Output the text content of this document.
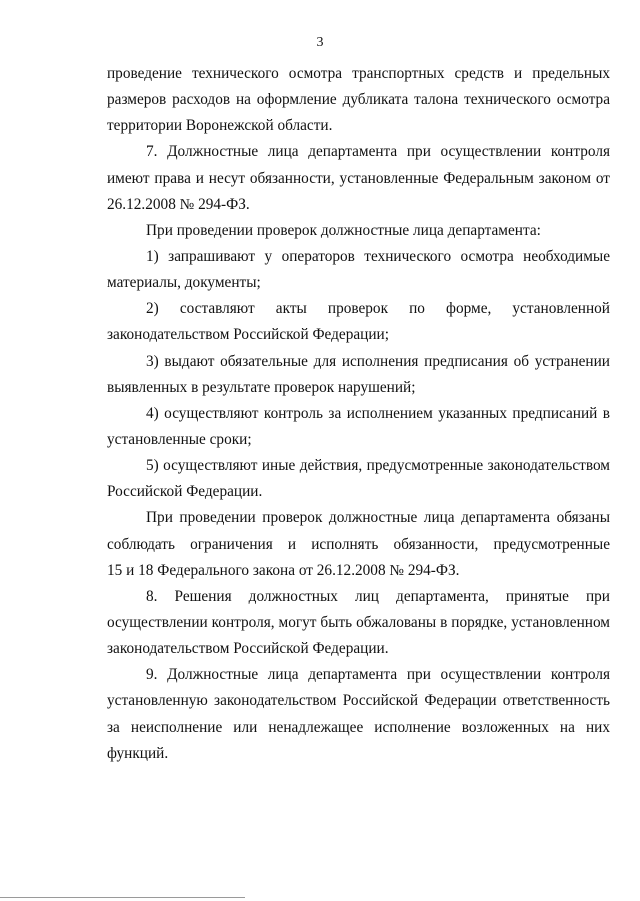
3
проведение технического осмотра транспортных средств и предельных
размеров расходов на оформление дубликата талона технического осмотра
территории Воронежской области.
7. Должностные лица департамента при осуществлении контроля
имеют права и несут обязанности, установленные Федеральным законом от
26.12.2008 № 294-ФЗ.
При проведении проверок должностные лица департамента:
1) запрашивают у операторов технического осмотра необходимые
материалы, документы;
2) составляют акты проверок по форме, установленной
законодательством Российской Федерации;
3) выдают обязательные для исполнения предписания об устранении
выявленных в результате проверок нарушений;
4) осуществляют контроль за исполнением указанных предписаний в
установленные сроки;
5) осуществляют иные действия, предусмотренные законодательством
Российской Федерации.
При проведении проверок должностные лица департамента обязаны
соблюдать ограничения и исполнять обязанности, предусмотренные
15 и 18 Федерального закона от 26.12.2008 № 294-ФЗ.
8. Решения должностных лиц департамента, принятые при
осуществлении контроля, могут быть обжалованы в порядке, установленном
законодательством Российской Федерации.
9. Должностные лица департамента при осуществлении контроля
установленную законодательством Российской Федерации ответственность
за неисполнение или ненадлежащее исполнение возложенных на них
функций.
